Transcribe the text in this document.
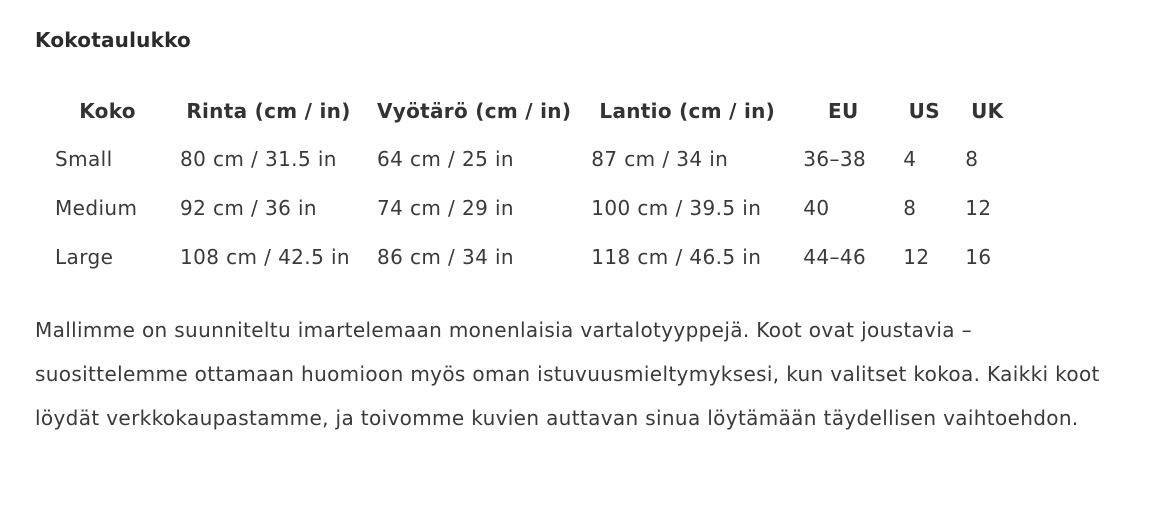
Kokotaulukko
Koko	Rinta (cm / in)	Vyötärö (cm / in)	Lantio (cm / in)	EU	US	UK
Small	80 cm / 31.5 in	64 cm / 25 in	87 cm / 34 in	36–38	4	8
Medium	92 cm / 36 in	74 cm / 29 in	100 cm / 39.5 in	40	8	12
Large	108 cm / 42.5 in	86 cm / 34 in	118 cm / 46.5 in	44–46	12	16

Mallimme on suunniteltu imartelemaan monenlaisia vartalotyyppejä. Koot ovat joustavia – suosittelemme ottamaan huomioon myös oman istuvuusmieltymyksesi, kun valitset kokoa. Kaikki koot löydät verkkokaupastamme, ja toivomme kuvien auttavan sinua löytämään täydellisen vaihtoehdon.
